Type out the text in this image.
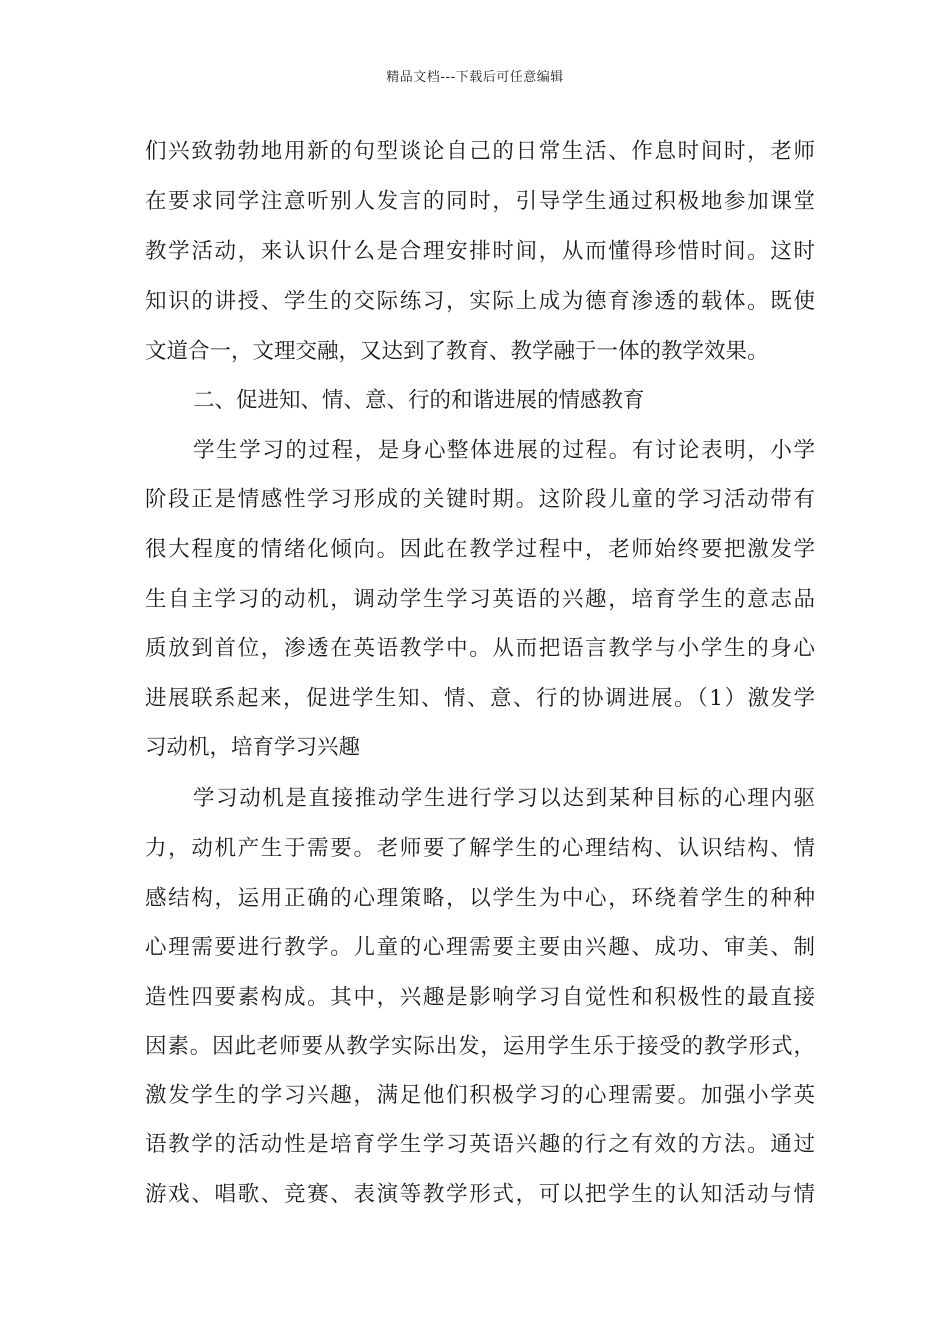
精品文档---下载后可任意编辑
们兴致勃勃地用新的句型谈论自己的日常生活、作息时间时，老师
在要求同学注意听别人发言的同时，引导学生通过积极地参加课堂
教学活动，来认识什么是合理安排时间，从而懂得珍惜时间。这时
知识的讲授、学生的交际练习，实际上成为德育渗透的载体。既使
文道合一，文理交融，又达到了教育、教学融于一体的教学效果。
二、促进知、情、意、行的和谐进展的情感教育
学生学习的过程，是身心整体进展的过程。有讨论表明，小学
阶段正是情感性学习形成的关键时期。这阶段儿童的学习活动带有
很大程度的情绪化倾向。因此在教学过程中，老师始终要把激发学
生自主学习的动机，调动学生学习英语的兴趣，培育学生的意志品
质放到首位，渗透在英语教学中。从而把语言教学与小学生的身心
进展联系起来，促进学生知、情、意、行的协调进展。（1）激发学
习动机，培育学习兴趣
学习动机是直接推动学生进行学习以达到某种目标的心理内驱
力，动机产生于需要。老师要了解学生的心理结构、认识结构、情
感结构，运用正确的心理策略，以学生为中心，环绕着学生的种种
心理需要进行教学。儿童的心理需要主要由兴趣、成功、审美、制
造性四要素构成。其中，兴趣是影响学习自觉性和积极性的最直接
因素。因此老师要从教学实际出发，运用学生乐于接受的教学形式，
激发学生的学习兴趣，满足他们积极学习的心理需要。加强小学英
语教学的活动性是培育学生学习英语兴趣的行之有效的方法。通过
游戏、唱歌、竞赛、表演等教学形式，可以把学生的认知活动与情
